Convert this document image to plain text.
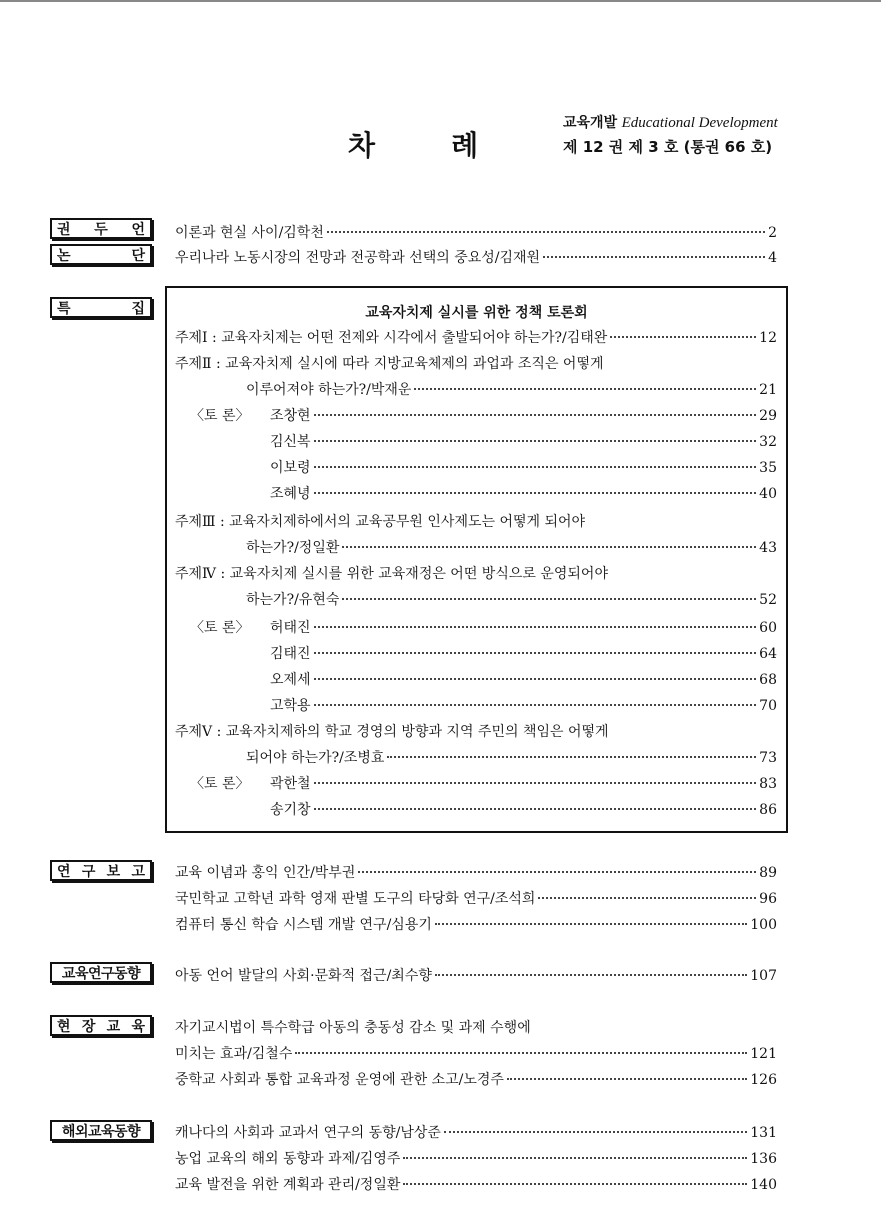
차	례
교육개발 Educational Development
제 12 권 제 3 호 (통권 66 호)
권 두 언 이론과 현실 사이/김학천	2
논	단 우리나라 노동시장의 전망과 전공학과 선택의 중요성/김재원	4
특	집	교육자치제 실시를 위한 정책 토론회
주제Ⅰ : 교육자치제는 어떤 전제와 시각에서 출발되어야 하는가?/김태완	12
주제Ⅱ : 교육자치제 실시에 따라 지방교육체제의 과업과 조직은 어떻게
이루어져야 하는가?/박재운	21
〈토 론〉 조창현	29
김신복	32
이보령	35
조혜녕	40
주제Ⅲ : 교육자치제하에서의 교육공무원 인사제도는 어떻게 되어야
하는가?/정일환	43
주제Ⅳ : 교육자치제 실시를 위한 교육재정은 어떤 방식으로 운영되어야
하는가?/유현숙	52
〈토 론〉 허태진	60
김태진	64
오제세	68
고학용	70
주제Ⅴ : 교육자치제하의 학교 경영의 방향과 지역 주민의 책임은 어떻게
되어야 하는가?/조병효	73
〈토 론〉 곽한철	83
송기창	86
연 구 보 고 교육 이념과 홍익 인간/박부권	89
국민학교 고학년 과학 영재 판별 도구의 타당화 연구/조석희	96
컴퓨터 통신 학습 시스템 개발 연구/심용기	100
교육연구동향	아동 언어 발달의 사회·문화적 접근/최수향	107
현 장 교 육 자기교시법이 특수학급 아동의 충동성 감소 및 과제 수행에
미치는 효과/김철수	121
중학교 사회과 통합 교육과정 운영에 관한 소고/노경주	126
해외교육동향	캐나다의 사회과 교과서 연구의 동향/남상준	131
농업 교육의 해외 동향과 과제/김영주	136
교육 발전을 위한 계획과 관리/정일환	140
